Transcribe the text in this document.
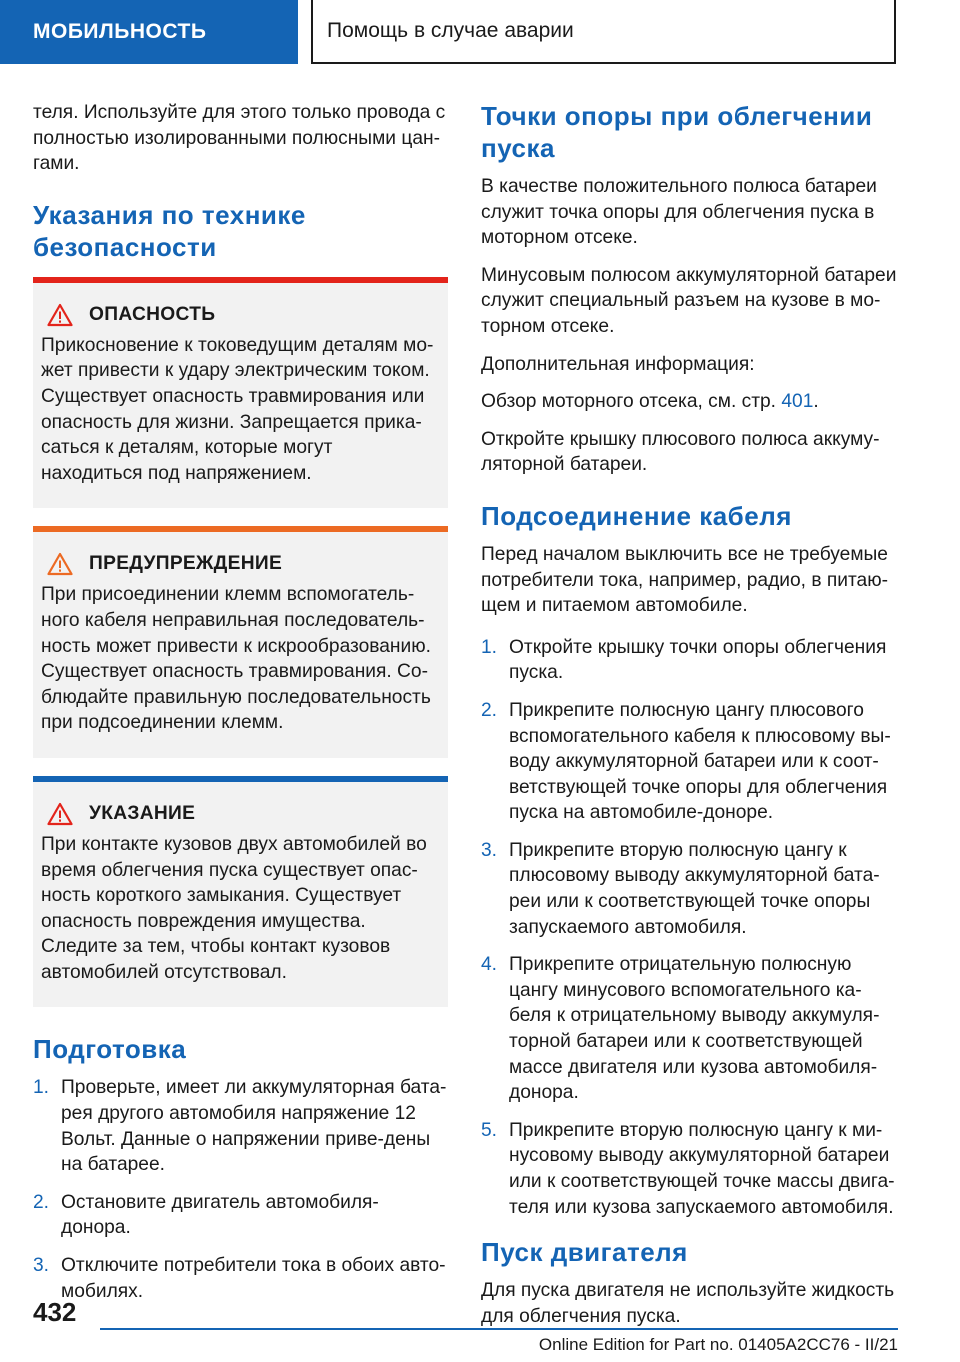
МОБИЛЬНОСТЬ	Помощь в случае аварии

теля. Используйте для этого только провода с полностью изолированными полюсными цан-гами.

Указания по технике безопасности
ОПАСНОСТЬ

Прикосновение к токоведущим деталям мо-жет привести к удару электрическим током. Существует опасность травмирования или опасность для жизни. Запрещается прика-саться к деталям, которые могут находиться под напряжением.

ПРЕДУПРЕЖДЕНИЕ

При присоединении клемм вспомогатель-ного кабеля неправильная последователь-ность может привести к искрообразованию. Существует опасность травмирования. Со-блюдайте правильную последовательность при подсоединении клемм.

УКАЗАНИЕ

При контакте кузовов двух автомобилей во время облегчения пуска существует опас-ность короткого замыкания. Существует опасность повреждения имущества. Следите за тем, чтобы контакт кузовов автомобилей отсутствовал.

Подготовка
1. Проверьте, имеет ли аккумуляторная бата-рея другого автомобиля напряжение 12 Вольт. Данные о напряжении приве-дены на батарее.
2. Остановите двигатель автомобиля-донора.
3. Отключите потребители тока в обоих авто-мобилях.
Точки опоры при облегчении пуска

В качестве положительного полюса батареи служит точка опоры для облегчения пуска в моторном отсеке.

Минусовым полюсом аккумуляторной батареи служит специальный разъем на кузове в мо-торном отсеке.

Дополнительная информация:

Обзор моторного отсека, см. стр. 401.

Откройте крышку плюсового полюса аккуму-ляторной батареи.

Подсоединение кабеля

Перед началом выключить все не требуемые потребители тока, например, радио, в питаю-щем и питаемом автомобиле.

1. Откройте крышку точки опоры облегчения пуска.
2. Прикрепите полюсную цангу плюсового вспомогательного кабеля к плюсовому вы-воду аккумуляторной батареи или к соот-ветствующей точке опоры для облегчения пуска на автомобиле-доноре.
3. Прикрепите вторую полюсную цангу к плюсовому выводу аккумуляторной бата-реи или к соответствующей точке опоры запускаемого автомобиля.
4. Прикрепите отрицательную полюсную цангу минусового вспомогательного ка-беля к отрицательному выводу аккумуля-торной батареи или к соответствующей массе двигателя или кузова автомобиля-донора.
5. Прикрепите вторую полюсную цангу к ми-нусовому выводу аккумуляторной батареи или к соответствующей точке массы двига-теля или кузова запускаемого автомобиля.
Пуск двигателя

Для пуска двигателя не используйте жидкость для облегчения пуска.

432
Online Edition for Part no. 01405A2CC76 - II/21
